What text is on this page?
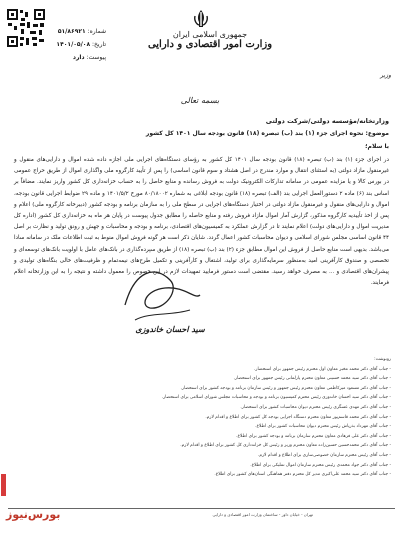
جمهوری اسلامی ایران
وزارت امور اقتصادی و دارایی
شماره: ۵۱/۸۶۹۲۱
تاریخ: ۱۴۰۱/۰۵/۰۸
پیوست: دارد
وزیر
بسمه تعالی
وزارتخانه/مؤسسه دولتی/شرکت دولتی
موضوع: نحوه اجرای جزء (۱) بند (ب) تبصره (۱۸) قانون بودجه سال ۱۴۰۱ کل کشور
با سلام؛
در اجرای جزء (۱) بند (ب) تبصره (۱۸) قانون بودجه سال ۱۴۰۱ کل کشور به رؤسای دستگاه‌های اجرایی ملی اجازه داده شده اموال و دارایی‌های منقول و غیرمنقول مازاد دولتی (به استثنای انتقال و موارد مندرج در اصل هشتاد و سوم قانون اساسی) را پس از تأیید کارگروه ملی واگذاری اموال از طریق حراج عمومی در بورس کالا و یا مزایده عمومی در سامانه تدارکات الکترونیک دولت به فروش رسانده و منابع حاصل را به حساب خزانه‌داری کل کشور واریز نمایند. مضافاً بر اساس بند (۶) ماده ۲ دستورالعمل اجرایی بند (الف) تبصره (۱۸) قانون بودجه ابلاغی به شماره ۸۰/۱۸۰۰۲ مورخ ۱۴۰۱/۵/۲ و ماده ۲۹ ضوابط اجرایی قانون بودجه، اموال و دارایی‌های منقول و غیرمنقول مازاد دولتی در اختیار دستگاه‌های اجرایی در سطح ملی را به سازمان برنامه و بودجه کشور (دبیرخانه کارگروه ملی) اعلام و پس از اخذ تأییدیه کارگروه مذکور، گزارش آمار اموال مازاد فروش رفته و منابع حاصله را مطابق جدول پیوست در پایان هر ماه به خزانه‌داری کل کشور (اداره کل مدیریت اموال و دارایی‌های دولت) اعلام نمایند تا در گزارش عملکرد به کمیسیون‌های اقتصادی، برنامه و بودجه و محاسبات و جهش و رونق تولید و نظارت بر اصل ۴۴ قانون اساسی مجلس شورای اسلامی و دیوان محاسبات کشور اعمال گردد. شایان ذکر است هر گونه فروش اموال منوط به ثبت اطلاعات ملک در سامانه سادا می‌باشد. بدیهی است منابع حاصل از فروش این اموال مطابق جزء (۲) بند (ب) تبصره (۱۸) از طریق سپرده‌گذاری در بانک‌های عامل با اولویت بانک‌های توسعه‌ای و تخصصی و صندوق کارآفرینی امید به‌منظور سرمایه‌گذاری برای تولید، اشتغال و کارآفرینی و تکمیل طرح‌های نیمه‌تمام و ظرفیت‌های خالی بنگاه‌های تولیدی و پیشران‌های اقتصادی و ... به مصرف خواهد رسید. مقتضی است دستور فرمایید تمهیدات لازم در این خصوص را معمول داشته و نتیجه را به این وزارتخانه اعلام فرمایند.
سید احسان خاندوزی
رونوشت:
- جناب آقای دکتر محمد مخبر معاون اول محترم رئیس جمهور برای استحضار.
- جناب آقای دکتر سید محمد حسینی معاون محترم پارلمانی رئیس جمهور برای استحضار.
- جناب آقای دکتر مسعود میرکاظمی معاون محترم رئیس جمهور و رئیس سازمان برنامه و بودجه کشور برای استحضار.
- جناب آقای دکتر سید احسان خاندوزی رئیس محترم کمیسیون برنامه و بودجه و محاسبات مجلس شورای اسلامی برای استحضار.
- جناب آقای دکتر مهدی عسگری رئیس محترم دیوان محاسبات کشور برای استحضار.
- جناب آقای دکتر محمد قاسم‌پور معاون محترم دستگاه اجرایی بودجه کل کشور برای اطلاع و اقدام لازم.
- جناب آقای مهرداد بذرپاش رئیس محترم دیوان محاسبات کشور برای اطلاع.
- جناب آقای دکتر علی فرهادی معاون محترم سازمان برنامه و بودجه کشور برای اطلاع.
- جناب آقای دکتر محمدحسین حسین‌زاده معاون محترم وزیر و رئیس کل خزانه‌داری کل کشور برای اطلاع و اقدام لازم.
- جناب آقای رئیس محترم سازمان خصوصی‌سازی برای اطلاع و اقدام لازم.
- جناب آقای دکتر جواد محمدی رئیس محترم سازمان اموال تملیکی برای اطلاع.
- جناب آقای دکتر سید محمد علی‌اکبری مدیر کل محترم دفتر هماهنگی استان‌های کشور برای اطلاع.
تهران - خیابان داور - ساختمان وزارت امور اقتصادی و دارایی
بورس‌نیوز
